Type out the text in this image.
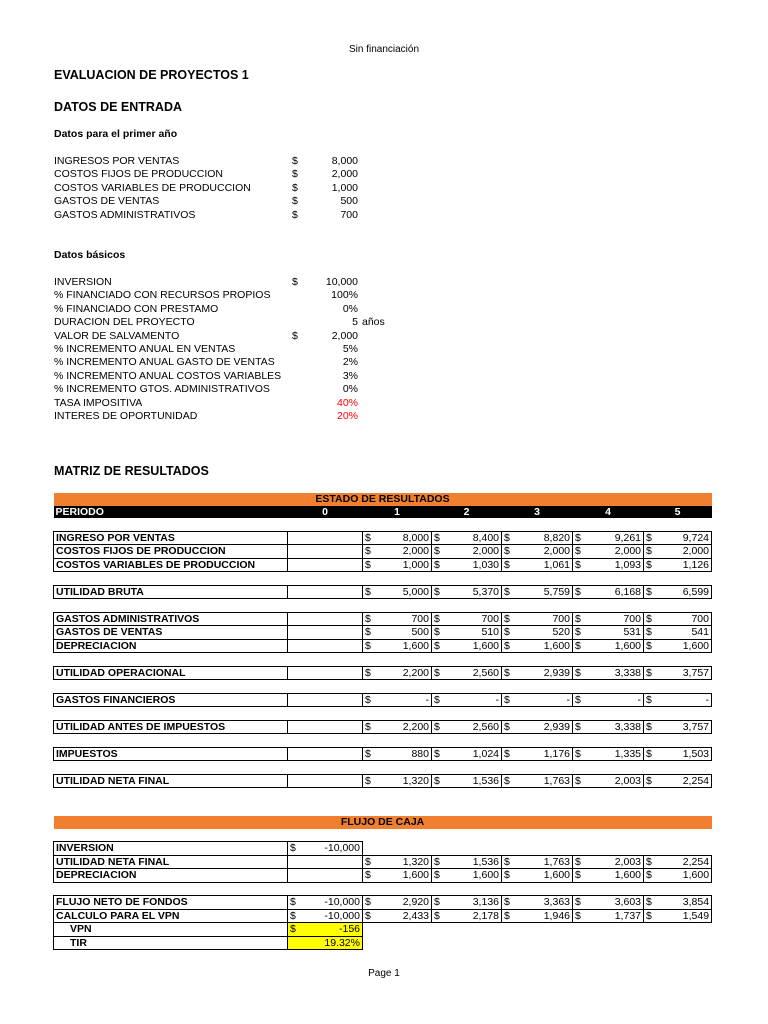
Sin financiación
EVALUACION DE PROYECTOS 1
DATOS DE ENTRADA
Datos para el primer año
INGRESOS POR VENTAS	$	8,000
COSTOS FIJOS DE PRODUCCION	$	2,000
COSTOS VARIABLES DE PRODUCCION	$	1,000
GASTOS DE VENTAS	$	500
GASTOS ADMINISTRATIVOS	$	700
Datos básicos
INVERSION	$	10,000
% FINANCIADO CON RECURSOS PROPIOS	100%
% FINANCIADO CON PRESTAMO	0%
DURACION DEL PROYECTO	5 años
VALOR DE SALVAMENTO	$	2,000
% INCREMENTO ANUAL EN VENTAS	5%
% INCREMENTO ANUAL GASTO DE VENTAS	2%
% INCREMENTO ANUAL COSTOS VARIABLES	3%
% INCREMENTO GTOS. ADMINISTRATIVOS	0%
TASA IMPOSITIVA	40%
INTERES DE OPORTUNIDAD	20%
MATRIZ DE RESULTADOS
ESTADO DE RESULTADOS											
PERIODO	0	1		2		3		4		5	

INGRESO POR VENTAS		$	8,000	$	8,400	$	8,820	$	9,261	$	9,724
COSTOS FIJOS DE PRODUCCION		$	2,000	$	2,000	$	2,000	$	2,000	$	2,000
COSTOS VARIABLES DE PRODUCCION		$	1,000	$	1,030	$	1,061	$	1,093	$	1,126

UTILIDAD BRUTA		$	5,000	$	5,370	$	5,759	$	6,168	$	6,599

GASTOS ADMINISTRATIVOS		$	700	$	700	$	700	$	700	$	700
GASTOS DE VENTAS		$	500	$	510	$	520	$	531	$	541
DEPRECIACION		$	1,600	$	1,600	$	1,600	$	1,600	$	1,600

UTILIDAD OPERACIONAL		$	2,200	$	2,560	$	2,939	$	3,338	$	3,757

GASTOS FINANCIEROS		$	-	$	-	$	-	$	-	$	-

UTILIDAD ANTES DE IMPUESTOS		$	2,200	$	2,560	$	2,939	$	3,338	$	3,757

IMPUESTOS		$	880	$	1,024	$	1,176	$	1,335	$	1,503

UTILIDAD NETA FINAL		$	1,320	$	1,536	$	1,763	$	2,003	$	2,254
FLUJO DE CAJA											

INVERSION	$ -10,000										

UTILIDAD NETA FINAL		$	1,320	$	1,536	$	1,763	$	2,003	$	2,254
DEPRECIACION		$	1,600	$	1,600	$	1,600	$	1,600	$	1,600

FLUJO NETO DE FONDOS	$ -10,000	$	2,920	$	3,136	$	3,363	$	3,603	$	3,854
CALCULO PARA EL VPN	$ -10,000	$	2,433	$	2,178	$	1,946	$	1,737	$	1,549
VPN	$ -156										

TIR	19.32%										
Page 1
